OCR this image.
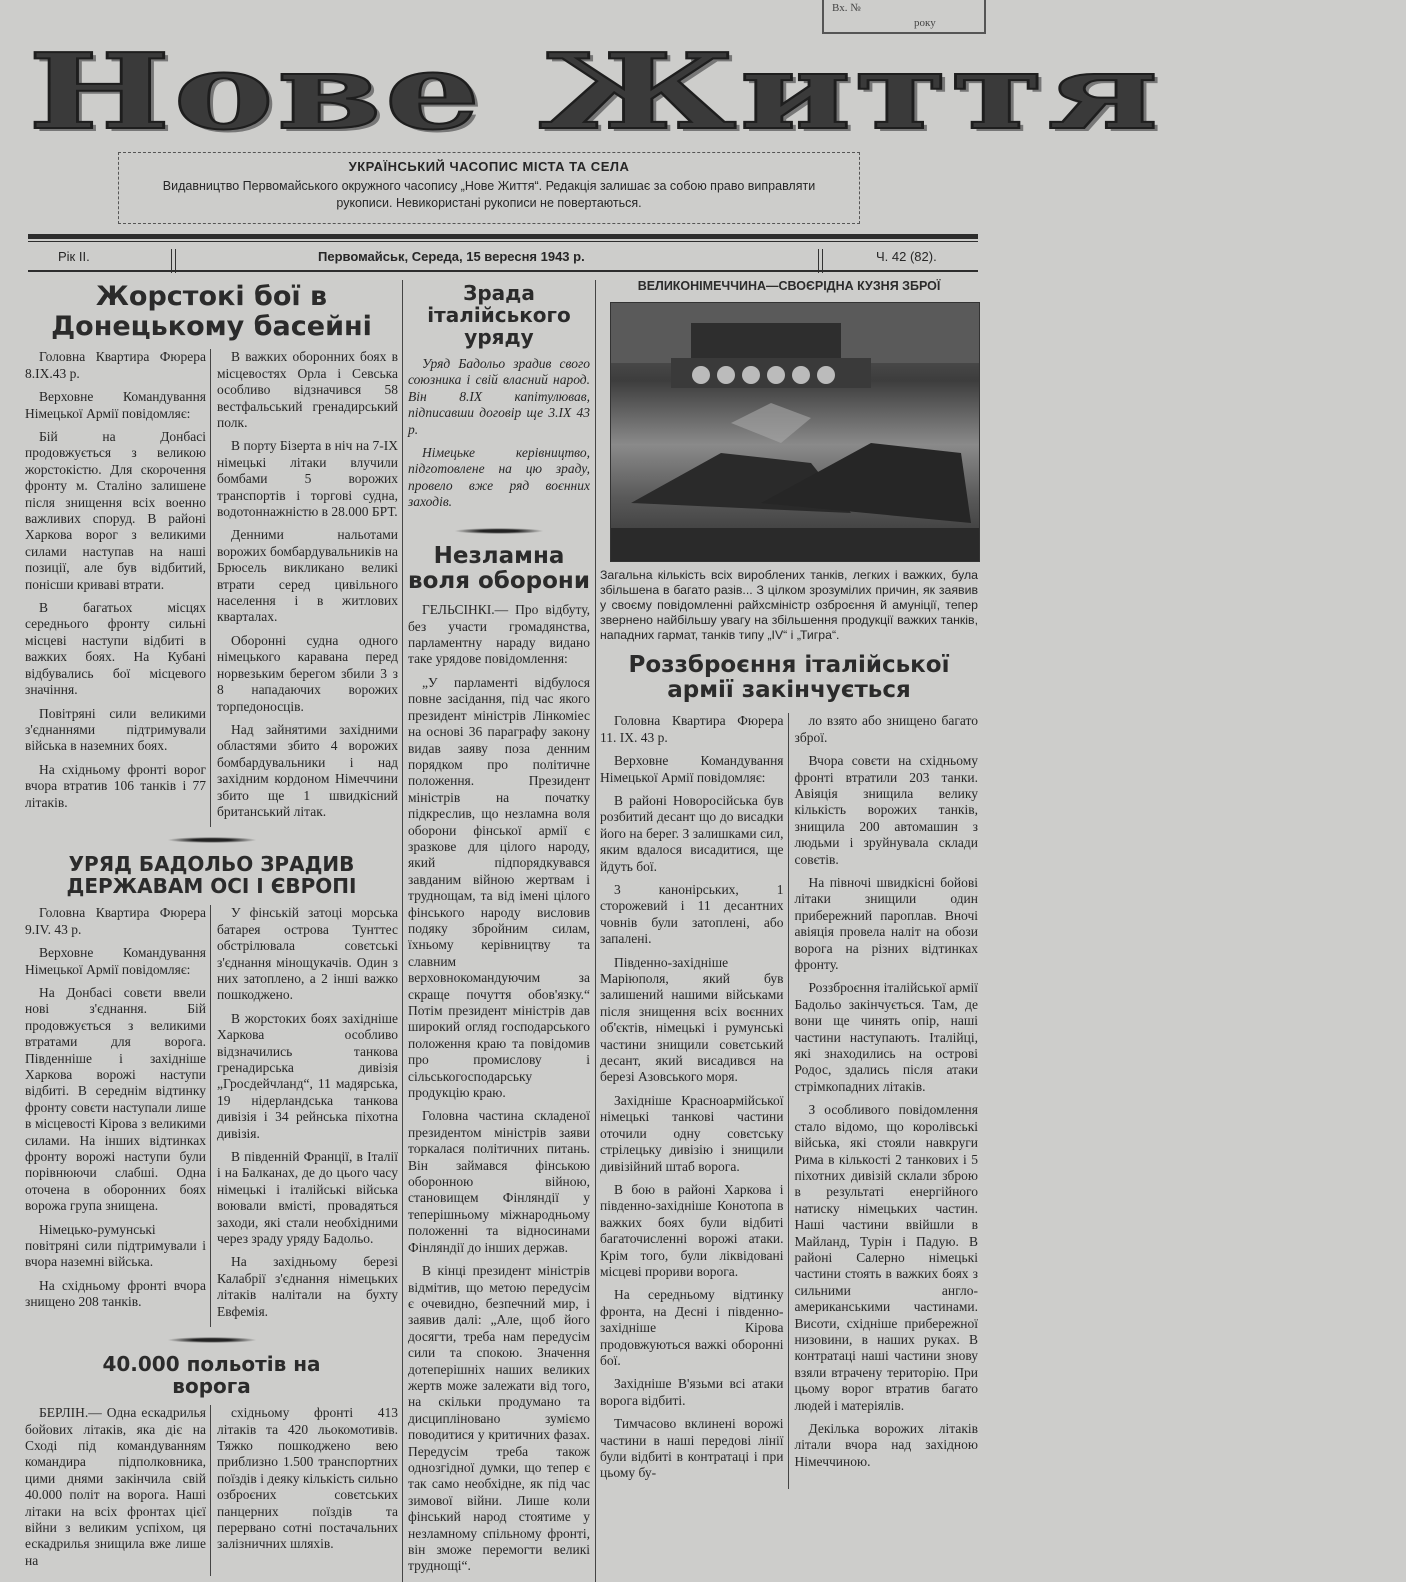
Нове Життя
Вх. №
року
УКРАЇНСЬКИЙ ЧАСОПИС МІСТА ТА СЕЛА
Видавництво Первомайського окружного часопису „Нове Життя“. Редакція залишає за собою право виправляти рукописи. Невикористані рукописи не повертаються.
Рік II.	Первомайськ, Середа, 15 вересня 1943 р.	Ч. 42 (82).
Жорстокі бої в Донецькому басейні

Головна Квартира Фюрера 8.IX.43 р.

Верховне Командування Німецької Армії повідомляє:

Бій на Донбасі продовжується з великою жорстокістю. Для скорочення фронту м. Сталіно залишене після знищення всіх военно важливих споруд. В районі Харкова ворог з великими силами наступав на наші позиції, але був відбитий, понісши криваві втрати.

В багатьох місцях середнього фронту сильні місцеві наступи відбиті в важких боях. На Кубані відбувались бої місцевого значіння.

Повітряні сили великими з'єднаннями підтримували війська в наземних боях.

На східньому фронті ворог вчора втратив 106 танків і 77 літаків.

В важких оборонних боях в місцевостях Орла і Севська особливо відзначився 58 вестфальський гренадирський полк.

В порту Бізерта в ніч на 7-IX німецькі літаки влучили бомбами 5 ворожих транспортів і торгові судна, водотоннажністю в 28.000 БРТ.

Денними нальотами ворожих бомбардувальників на Брюсель викликано великі втрати серед цивільного населення і в житлових кварталах.

Оборонні судна одного німецького каравана перед норвезьким берегом збили 3 з 8 нападаючих ворожих торпедоносців.

Над зайнятими західними областями збито 4 ворожих бомбардувальники і над західним кордоном Німеччини збито ще 1 швидкісний британський літак.

УРЯД БАДОЛЬО ЗРАДИВ ДЕРЖАВАМ ОСІ І ЄВРОПІ

Головна Квартира Фюрера 9.IV. 43 р.

Верховне Командування Німецької Армії повідомляє:

На Донбасі совєти ввели нові з'єднання. Бій продовжується з великими втратами для ворога. Південніше і західніше Харкова ворожі наступи відбиті. В середнім відтинку фронту совєти наступали лише в місцевості Кірова з великими силами. На інших відтинках фронту ворожі наступи були порівнюючи слабші. Одна оточена в оборонних боях ворожа група знищена.

Німецько-румунські повітряні сили підтримували і вчора наземні війська.

На східньому фронті вчора знищено 208 танків.

У фінській затоці морська батарея острова Тунттес обстрілювала совєтські з'єднання мінощукачів. Один з них затоплено, а 2 інші важко пошкоджено.

В жорстоких боях західніше Харкова особливо відзначились танкова гренадирська дивізія „Гросдейчланд“, 11 мадярська, 19 нідерландська танкова дивізія і 34 рейнська піхотна дивізія.

В південній Франції, в Італії і на Балканах, де до цього часу німецькі і італійські війська воювали вмісті, провадяться заходи, які стали необхідними через зраду уряду Бадольо.

На західньому березі Калабрії з'єднання німецьких літаків налітали на бухту Евфемія.

40.000 польотів на ворога

БЕРЛІН.— Одна ескадрилья бойових літаків, яка діє на Сході під командуванням командира підполковника, цими днями закінчила свій 40.000 політ на ворога. Наші літаки на всіх фронтах цієї війни з великим успіхом, ця ескадрилья знищила вже лише на

східньому фронті 413 літаків та 420 льокомотивів. Тяжко пошкоджено вею приблизно 1.500 транспортних поїздів і деяку кількість сильно озброєних совєтських панцерних поїздів та перервано сотні постачальних залізничних шляхів.

Зрада італійського уряду

Уряд Бадольо зрадив свого союзника і свій власний народ. Він 8.IX капітулював, підписавши договір ще 3.IX 43 р.

Німецьке керівництво, підготовлене на цю зраду, провело вже ряд воєнних заходів.

Незламна воля оборони

ГЕЛЬСІНКІ.— Про відбуту, без участи громадянства, парламентну нараду видано таке урядове повідомлення:

„У парламенті відбулося повне засідання, під час якого президент міністрів Лінкоміес на основі 36 параграфу закону видав заяву поза денним порядком про політичне положення. Президент міністрів на початку підкреслив, що незламна воля оборони фінської армії є зразкове для цілого народу, який підпорядкувався завданим війною жертвам і труднощам, та від імені цілого фінського народу висловив подяку збройним силам, їхньому керівництву та славним верховнокомандуючим за скраще почуття обов'язку.“ Потім президент міністрів дав широкий огляд господарського положення краю та повідомив про промислову і сільськогосподарську продукцію краю.

Головна частина складеної президентом міністрів заяви торкалася політичних питань. Він займався фінською оборонною війною, становищем Фінляндії у теперішньому міжнародньому положенні та відносинами Фінляндії до інших держав.

В кінці президент міністрів відмітив, що метою передусім є очевидно, безпечний мир, і заявив далі: „Але, щоб його досягти, треба нам передусім сили та спокою. Значення дотеперішніх наших великих жертв може залежати від того, на скільки продумано та дисципліновано зуміємо поводитися у критичних фазах. Передусім треба також однозгідної думки, що тепер є так само необхідне, як під час зимової війни. Лише коли фінський народ стоятиме у незламному спільному фронті, він зможе перемогти великі труднощі“.

ВЕЛИКОНІМЕЧЧИНА—СВОЄРІДНА КУЗНЯ ЗБРОЇ
Загальна кількість всіх вироблених танків, легких і важких, була збільшена в багато разів... З цілком зрозумілих причин, як заявив у своєму повідомленні райхсміністр озброєння й амуніції, тепер звернено найбільшу увагу на збільшення продукції важких танків, нападних гармат, танків типу „IV“ і „Тигра“.
Роззброєння італійської армії закінчується

Головна Квартира Фюрера 11. IX. 43 р.

Верховне Командування Німецької Армії повідомляє:

В районі Новоросійська був розбитий десант що до висадки його на берег. З залишками сил, яким вдалося висадитися, ще йдуть бої.

3 канонірських, 1 сторожевий і 11 десантних човнів були затоплені, або запалені.

Південно-західніше Маріюполя, який був залишений нашими військами після знищення всіх воєнних об'єктів, німецькі і румунські частини знищили совєтський десант, який висадився на березі Азовського моря.

Західніше Красноармійської німецькі танкові частини оточили одну совєтську стрілецьку дивізію і знищили дивізійний штаб ворога.

В бою в районі Харкова і південно-західніше Конотопа в важких боях були відбиті багаточисленні ворожі атаки. Крім того, були ліквідовані місцеві прориви ворога.

На середньому відтинку фронта, на Десні і південно-західніше Кірова продовжуються важкі оборонні бої.

Західніше В'язьми всі атаки ворога відбиті.

Тимчасово вклинені ворожі частини в наші передові лінії були відбиті в контратаці і при цьому бу-

ло взято або знищено багато зброї.

Вчора совєти на східньому фронті втратили 203 танки. Авіяція знищила велику кількість ворожих танків, знищила 200 автомашин з людьми і зруйнувала склади совєтів.

На півночі швидкісні бойові літаки знищили один прибережний пароплав. Вночі авіяція провела наліт на обози ворога на різних відтинках фронту.

Роззброєння італійської армії Бадольо закінчується. Там, де вони ще чинять опір, наші частини наступають. Італійці, які знаходились на острові Родос, здались після атаки стрімкопадних літаків.

З особливого повідомлення стало відомо, що королівські війська, які стояли навкруги Рима в кількості 2 танкових і 5 піхотних дивізій склали зброю в результаті енергійного натиску німецьких частин. Наші частини ввійшли в Майланд, Турін і Падую. В районі Салерно німецькі частини стоять в важких боях з сильними англо-американськими частинами. Висоти, східніше прибережної низовини, в наших руках. В контратаці наші частини знову взяли втрачену територію. При цьому ворог втратив багато людей і матеріялів.

Декілька ворожих літаків літали вчора над західною Німеччиною.
